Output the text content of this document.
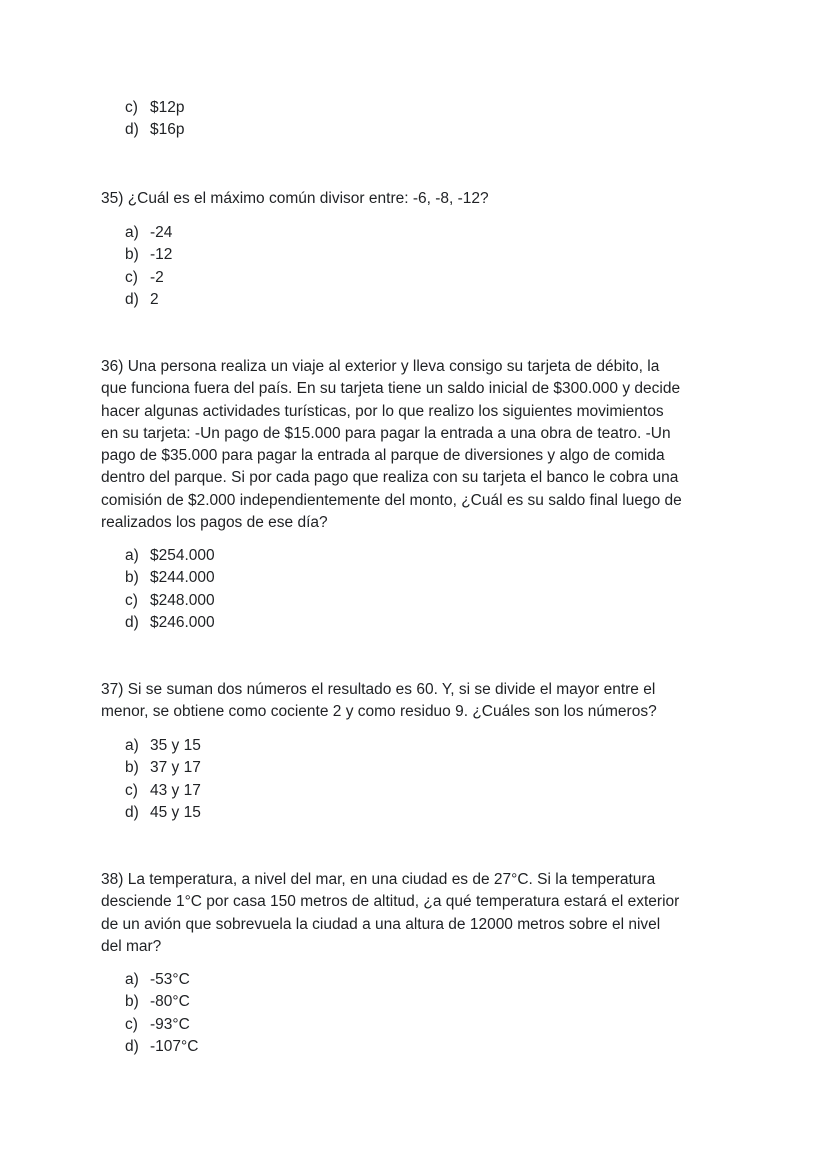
c) $12p
d) $16p

35) ¿Cuál es el máximo común divisor entre: -6, -8, -12?

a) -24
b) -12
c) -2
d) 2

36) Una persona realiza un viaje al exterior y lleva consigo su tarjeta de débito, la
que funciona fuera del país. En su tarjeta tiene un saldo inicial de $300.000 y decide
hacer algunas actividades turísticas, por lo que realizo los siguientes movimientos
en su tarjeta: -Un pago de $15.000 para pagar la entrada a una obra de teatro. -Un
pago de $35.000 para pagar la entrada al parque de diversiones y algo de comida
dentro del parque. Si por cada pago que realiza con su tarjeta el banco le cobra una
comisión de $2.000 independientemente del monto, ¿Cuál es su saldo final luego de
realizados los pagos de ese día?

a) $254.000
b) $244.000
c) $248.000
d) $246.000

37) Si se suman dos números el resultado es 60. Y, si se divide el mayor entre el
menor, se obtiene como cociente 2 y como residuo 9. ¿Cuáles son los números?

a) 35 y 15
b) 37 y 17
c) 43 y 17
d) 45 y 15

38) La temperatura, a nivel del mar, en una ciudad es de 27°C. Si la temperatura
desciende 1°C por casa 150 metros de altitud, ¿a qué temperatura estará el exterior
de un avión que sobrevuela la ciudad a una altura de 12000 metros sobre el nivel
del mar?

a) -53°C
b) -80°C
c) -93°C
d) -107°C
